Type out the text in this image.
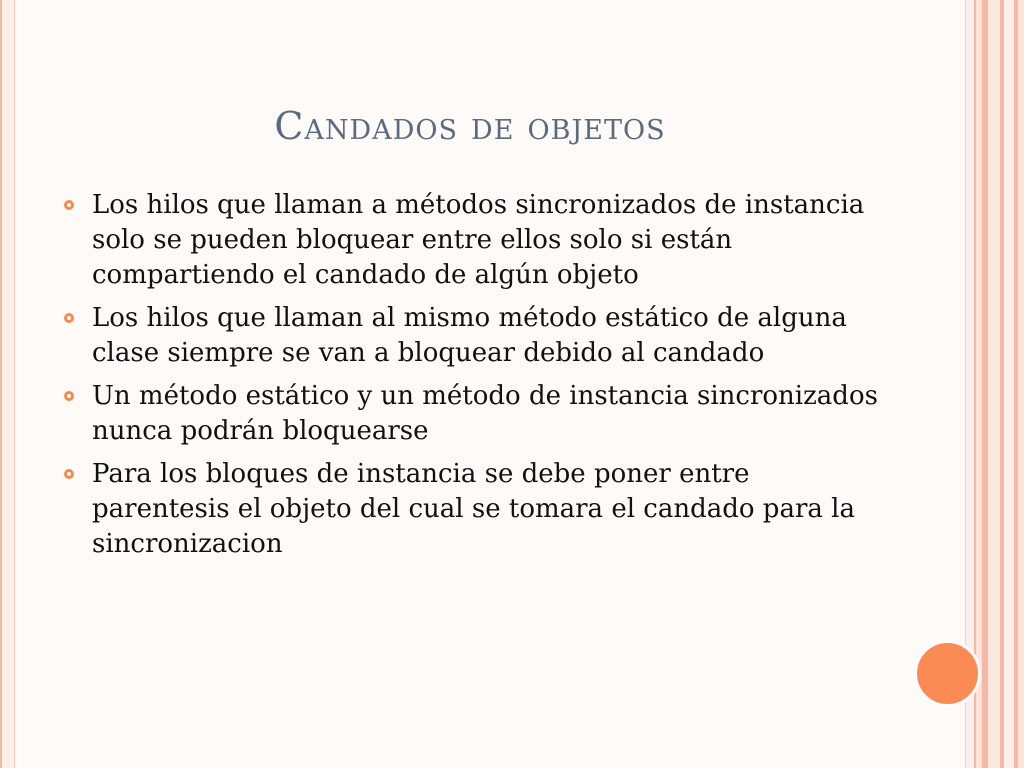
Candados de objetos
Los hilos que llaman a métodos sincronizados de instancia solo se pueden bloquear entre ellos solo si están compartiendo el candado de algún objeto
Los hilos que llaman al mismo método estático de alguna clase siempre se van a bloquear debido al candado
Un método estático y un método de instancia sincronizados nunca podrán bloquearse
Para los bloques de instancia se debe poner entre parentesis el objeto del cual se tomara el candado para la sincronizacion
